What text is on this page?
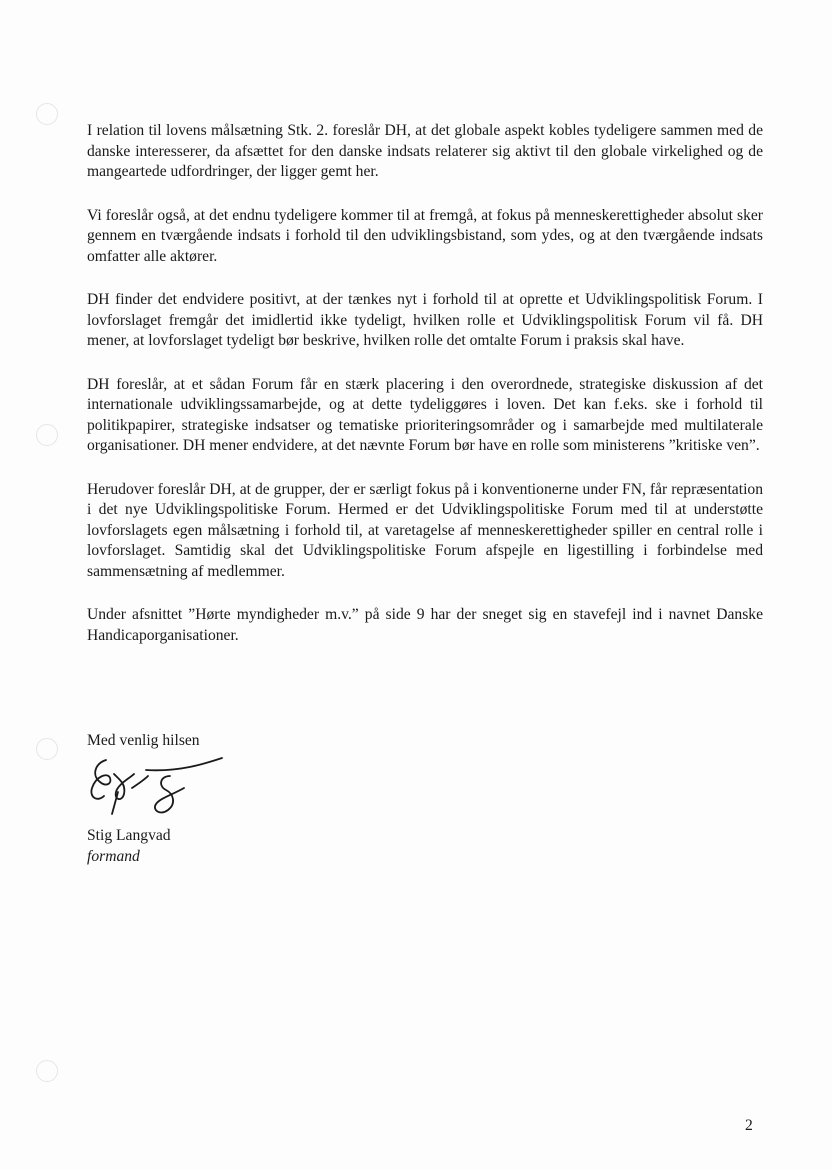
I relation til lovens målsætning Stk. 2. foreslår DH, at det globale aspekt kobles tydeligere sammen med de danske interesserer, da afsættet for den danske indsats relaterer sig aktivt til den globale virkelighed og de mangeartede udfordringer, der ligger gemt her.

Vi foreslår også, at det endnu tydeligere kommer til at fremgå, at fokus på menneskerettigheder absolut sker gennem en tværgående indsats i forhold til den udviklingsbistand, som ydes, og at den tværgående indsats omfatter alle aktører.

DH finder det endvidere positivt, at der tænkes nyt i forhold til at oprette et Udviklingspolitisk Forum. I lovforslaget fremgår det imidlertid ikke tydeligt, hvilken rolle et Udviklingspolitisk Forum vil få. DH mener, at lovforslaget tydeligt bør beskrive, hvilken rolle det omtalte Forum i praksis skal have.

DH foreslår, at et sådan Forum får en stærk placering i den overordnede, strategiske diskussion af det internationale udviklingssamarbejde, og at dette tydeliggøres i loven. Det kan f.eks. ske i forhold til politikpapirer, strategiske indsatser og tematiske prioriteringsområder og i samarbejde med multilaterale organisationer. DH mener endvidere, at det nævnte Forum bør have en rolle som ministerens ”kritiske ven”.

Herudover foreslår DH, at de grupper, der er særligt fokus på i konventionerne under FN, får repræsentation i det nye Udviklingspolitiske Forum. Hermed er det Udviklingspolitiske Forum med til at understøtte lovforslagets egen målsætning i forhold til, at varetagelse af menneskerettigheder spiller en central rolle i lovforslaget. Samtidig skal det Udviklingspolitiske Forum afspejle en ligestilling i forbindelse med sammensætning af medlemmer.

Under afsnittet ”Hørte myndigheder m.v.” på side 9 har der sneget sig en stavefejl ind i navnet Danske Handicaporganisationer.

Med venlig hilsen
Stig Langvad
formand
2
